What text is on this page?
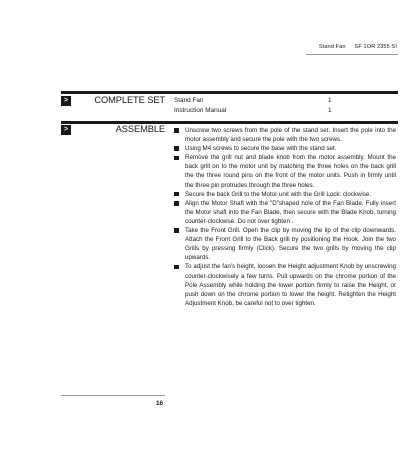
Stand Fan SF 1OR 2355 SI
>	COMPLETE SET Stand Fan	1
Instruction Manual	1
>	ASSEMBLE	Unscrew two screws from the pole of the stand set. Insert the pole into the motor assembly and secure the pole with the two screws.
Using M4 screws to secure the base with the stand set.
Remove the grill nut and blade knob from the motor assembly. Mount the back grill on to the motor unit by matching the three holes on the back grill the the three round pins on the front of the motor units. Push in firmly until the three pin protrudes through the three holes.
Secure the back Grill to the Motor unit with the Grill Lock: clockwise.
Align the Motor Shaft with the "D"shaped hole of the Fan Blade. Fully insert the Motor shaft into the Fan Blade, then secure with the Blade Knob, turning counter-clockwise. Do not over tighten .
Take the Front Grill. Open the clip by moving the lip of the clip downwards. Attach the Front Grill to the Back grill by positioning the Hook. Join the two Grills by pressing firmly (Click). Secure the two grills by moving the clip upwards.
To adjust the fan's height, loosen the Height adjustment Knob by unscrewing counter-clockwisely a few turns. Pull upwards on the chrome portion of the Pole Assembly while holding the lower portion firmly to raise the Height, or push down on the chrome portion to lower the height. Retighten the Height Adjustment Knob, be careful not to over tighten.
16
